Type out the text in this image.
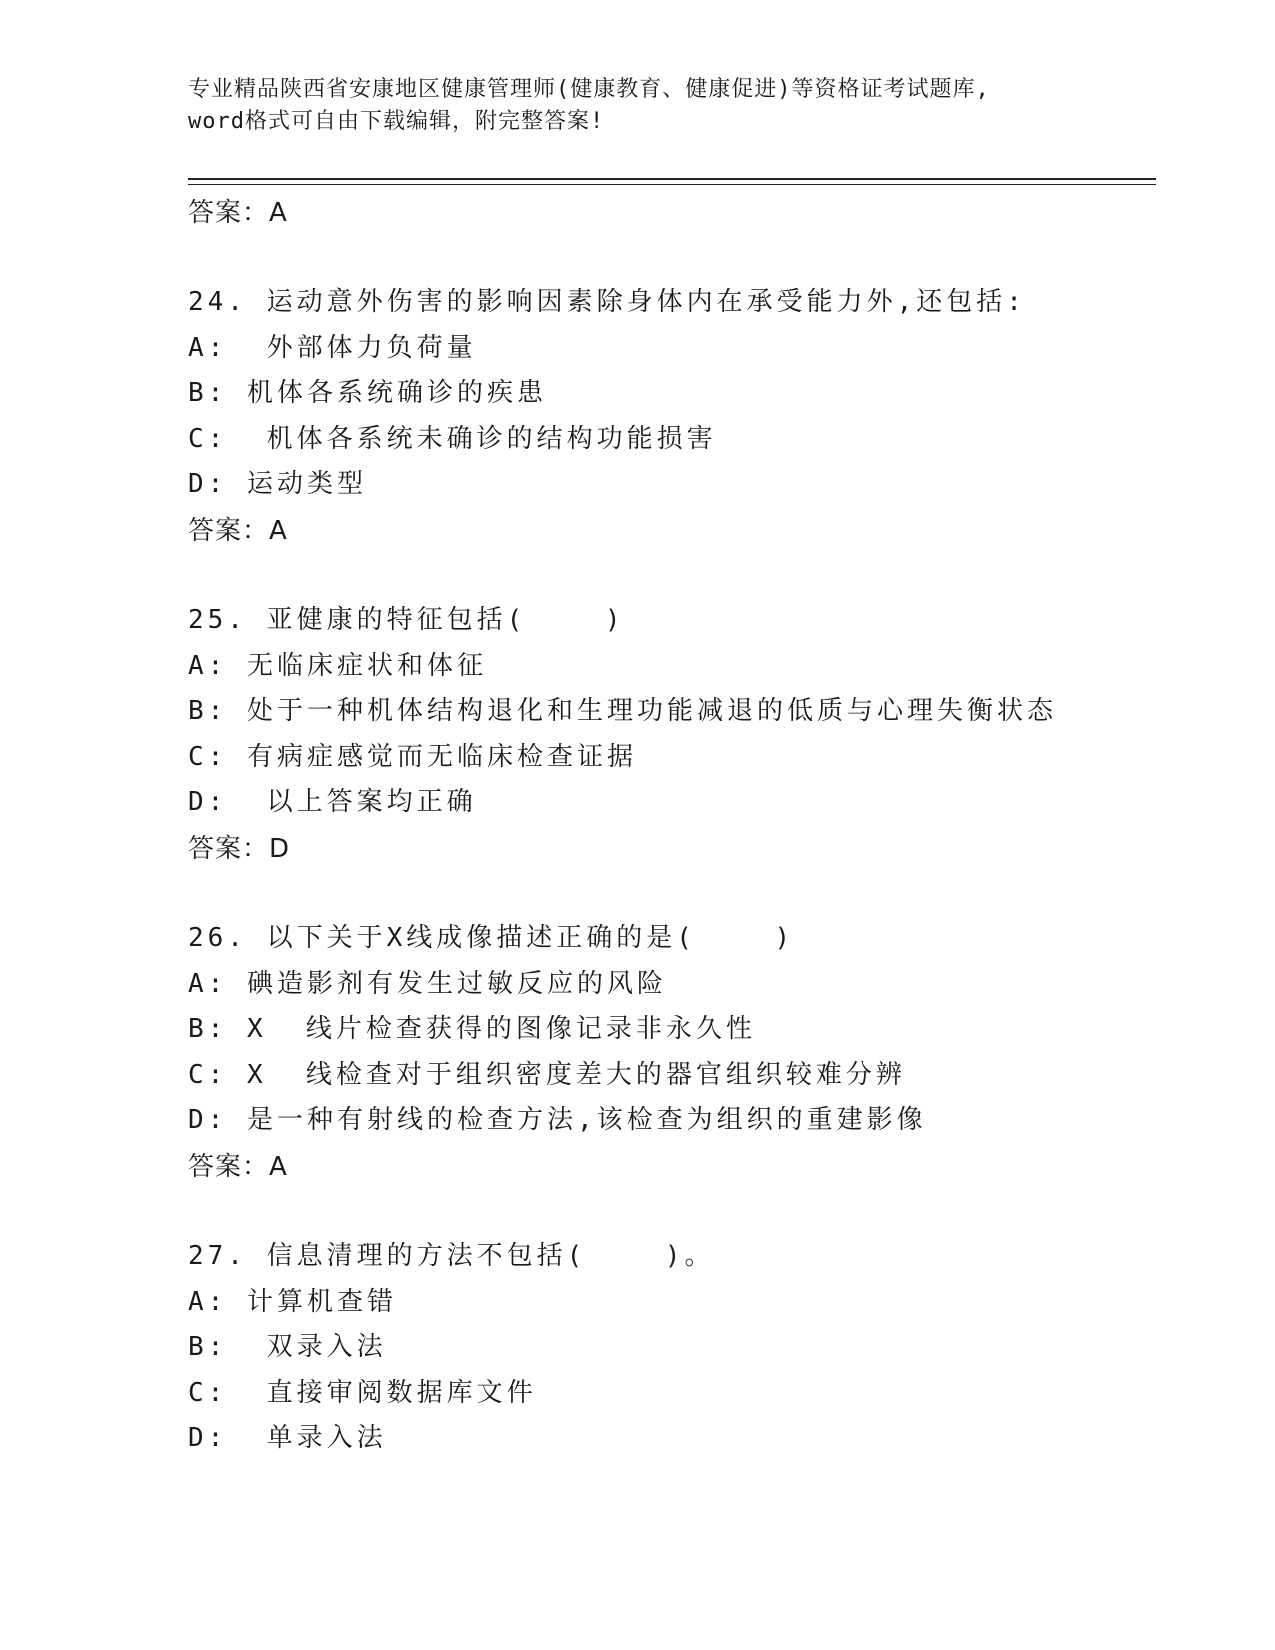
专业精品陕西省安康地区健康管理师(健康教育、健康促进)等资格证考试题库,
word格式可自由下载编辑，附完整答案!
答案：A
24. 运动意外伤害的影响因素除身体内在承受能力外,还包括:
A:  外部体力负荷量
B: 机体各系统确诊的疾患
C:  机体各系统未确诊的结构功能损害
D: 运动类型
答案：A
25. 亚健康的特征包括(    )
A: 无临床症状和体征
B: 处于一种机体结构退化和生理功能减退的低质与心理失衡状态
C: 有病症感觉而无临床检查证据
D:  以上答案均正确
答案：D
26. 以下关于X线成像描述正确的是(    )
A: 碘造影剂有发生过敏反应的风险
B: X  线片检查获得的图像记录非永久性
C: X  线检查对于组织密度差大的器官组织较难分辨
D: 是一种有射线的检查方法,该检查为组织的重建影像
答案：A
27. 信息清理的方法不包括(    )。
A: 计算机查错
B:  双录入法
C:  直接审阅数据库文件
D:  单录入法
